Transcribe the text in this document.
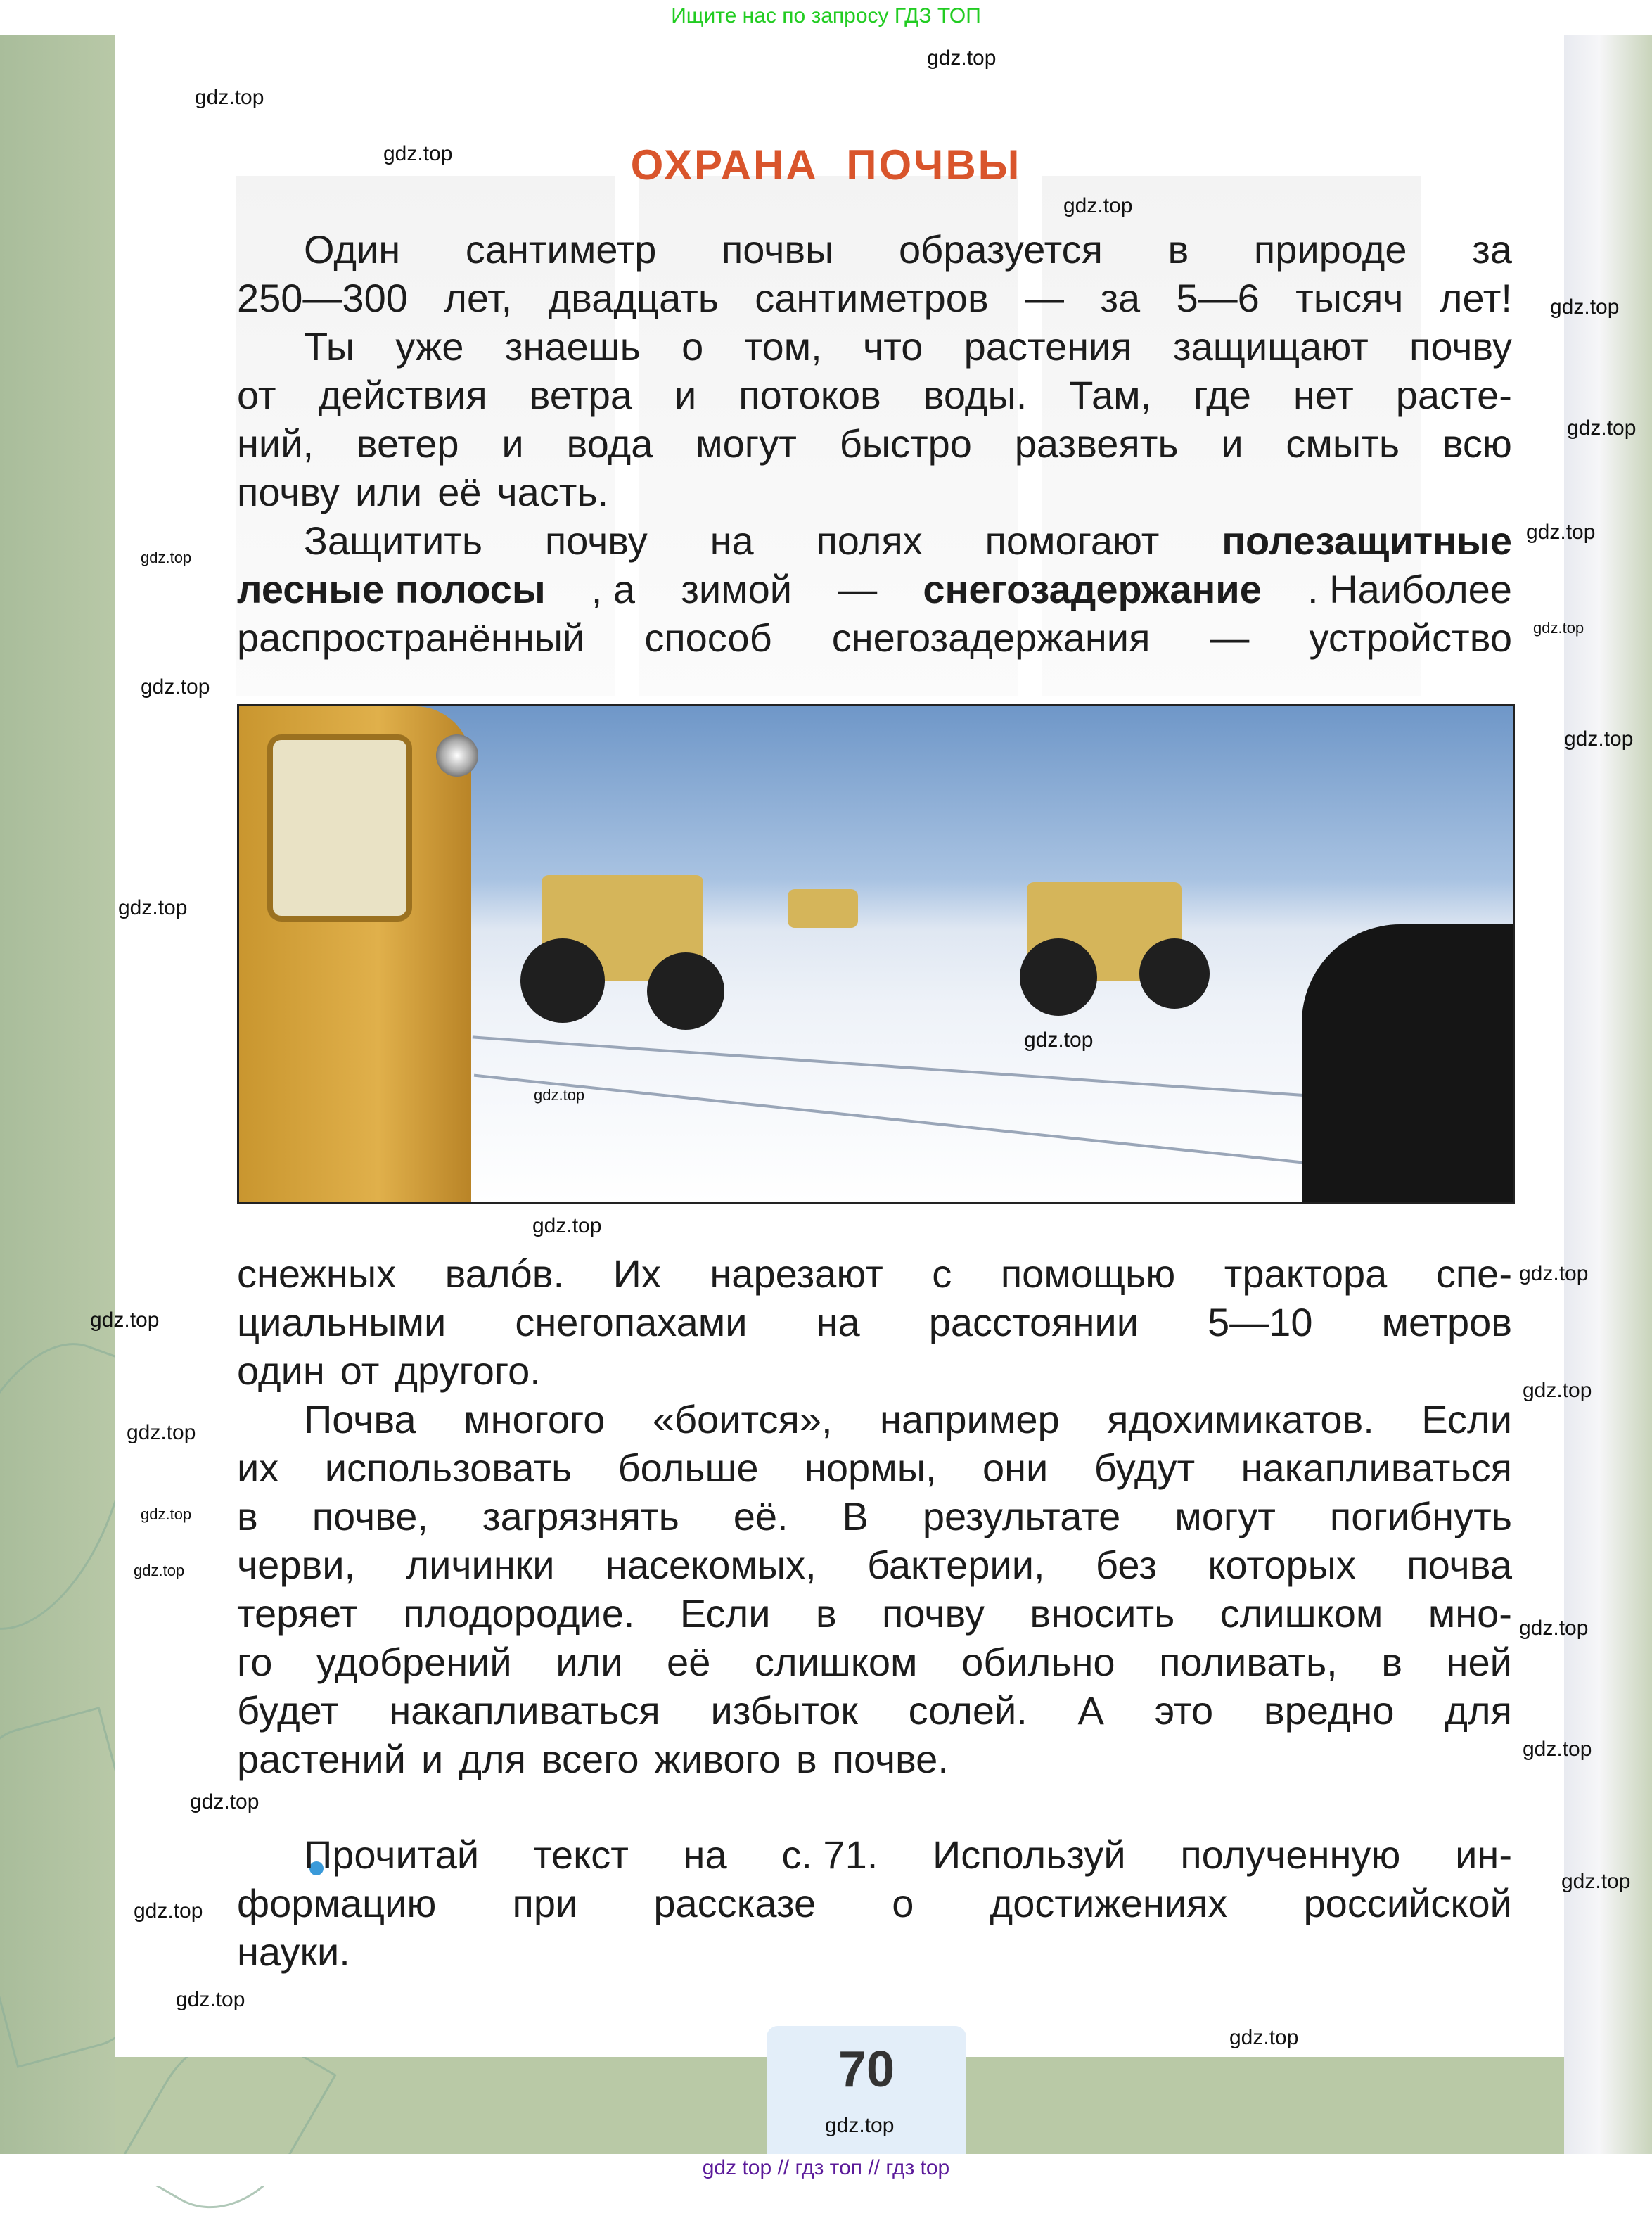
Ищите нас по запросу ГДЗ ТОП
ОХРАНА ПОЧВЫ
Один сантиметр почвы образуется в природе за
250—300 лет, двадцать сантиметров — за 5—6 тысяч лет!
Ты уже знаешь о том, что растения защищают почву
от действия ветра и потоков воды. Там, где нет расте-
ний, ветер и вода могут быстро развеять и смыть всю
почву или её часть.
Защитить почву на полях помогают полезащитные
лесные полосы , а зимой — снегозадержание . Наиболее
распространённый способ снегозадержания — устройство
снежных валóв. Их нарезают с помощью трактора спе-
циальными снегопахами на расстоянии 5—10 метров
один от другого.
Почва многого «боится», например ядохимикатов. Если
их использовать больше нормы, они будут накапливаться
в почве, загрязнять её. В результате могут погибнуть
черви, личинки насекомых, бактерии, без которых почва
теряет плодородие. Если в почву вносить слишком мно-
го удобрений или её слишком обильно поливать, в ней
будет накапливаться избыток солей. А это вредно для
растений и для всего живого в почве.
Прочитай текст на с. 71. Используй полученную ин-
формацию при рассказе о достижениях российской
науки.
70
gdz top // гдз топ // гдз top
gdz.top
gdz.top
gdz.top
gdz.top
gdz.top
gdz.top
gdz.top
gdz.top
gdz.top
gdz.top
gdz.top
gdz.top
gdz.top
gdz.top
gdz.top
gdz.top
gdz.top
gdz.top
gdz.top
gdz.top
gdz.top
gdz.top
gdz.top
gdz.top
gdz.top
gdz.top
gdz.top
gdz.top
gdz.top
